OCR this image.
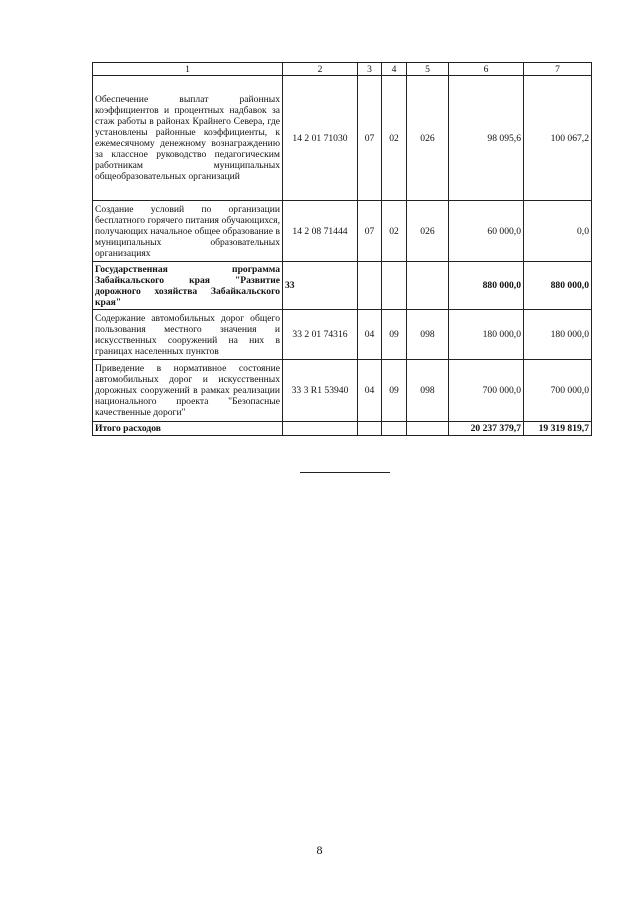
1	2	3	4	5	6	7
Обеспечение выплат районных коэффициентов и процентных надбавок за стаж работы в районах Крайнего Севера, где установлены районные коэффициенты, к ежемесячному денежному вознаграждению за классное руководство педагогическим работникам муниципальных общеобразовательных организаций	14 2 01 71030	07	02	026	98 095,6	100 067,2
Создание условий по организации бесплатного горячего питания обучающихся, получающих начальное общее образование в муниципальных образовательных организациях	14 2 08 71444	07	02	026	60 000,0	0,0
Государственная программа Забайкальского края "Развитие дорожного хозяйства Забайкальского края"	33				880 000,0	880 000,0
Содержание автомобильных дорог общего пользования местного значения и искусственных сооружений на них в границах населенных пунктов	33 2 01 74316	04	09	098	180 000,0	180 000,0
Приведение в нормативное состояние автомобильных дорог и искусственных дорожных сооружений в рамках реализации национального проекта "Безопасные качественные дороги"	33 3 R1 53940	04	09	098	700 000,0	700 000,0
Итого расходов					20 237 379,7	19 319 819,7
8
